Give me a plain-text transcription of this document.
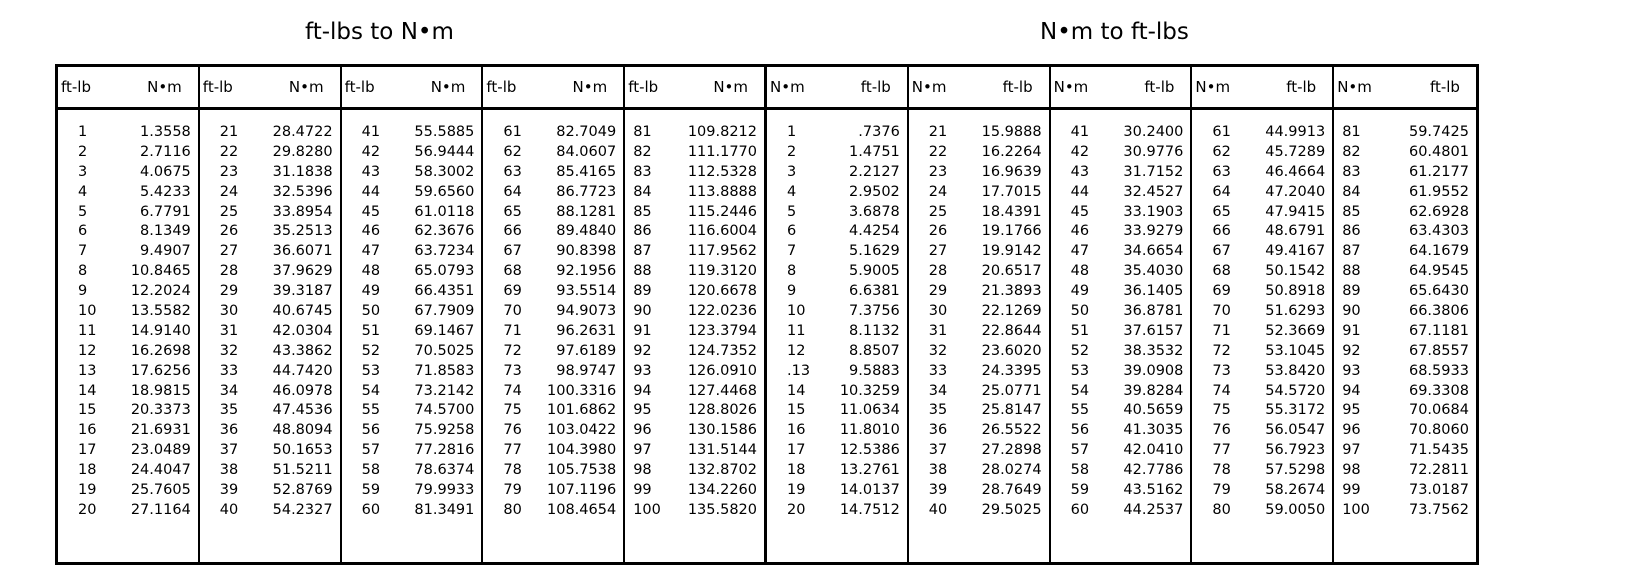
ft-lbs to N•m	N•m to ft-lbs
ft-lb	N•m
1	1.3558
2	2.7116
3	4.0675
4	5.4233
5	6.7791
6	8.1349
7	9.4907
8	10.8465
9	12.2024
10	13.5582
11	14.9140
12	16.2698
13	17.6256
14	18.9815
15	20.3373
16	21.6931
17	23.0489
18	24.4047
19	25.7605
20	27.1164
ft-lb	N•m
21	28.4722
22	29.8280
23	31.1838
24	32.5396
25	33.8954
26	35.2513
27	36.6071
28	37.9629
29	39.3187
30	40.6745
31	42.0304
32	43.3862
33	44.7420
34	46.0978
35	47.4536
36	48.8094
37	50.1653
38	51.5211
39	52.8769
40	54.2327
ft-lb	N•m
41	55.5885
42	56.9444
43	58.3002
44	59.6560
45	61.0118
46	62.3676
47	63.7234
48	65.0793
49	66.4351
50	67.7909
51	69.1467
52	70.5025
53	71.8583
54	73.2142
55	74.5700
56	75.9258
57	77.2816
58	78.6374
59	79.9933
60	81.3491
ft-lb	N•m
61	82.7049
62	84.0607
63	85.4165
64	86.7723
65	88.1281
66	89.4840
67	90.8398
68	92.1956
69	93.5514
70	94.9073
71	96.2631
72	97.6189
73	98.9747
74	100.3316
75	101.6862
76	103.0422
77	104.3980
78	105.7538
79	107.1196
80	108.4654
ft-lb	N•m
81	109.8212
82	111.1770
83	112.5328
84	113.8888
85	115.2446
86	116.6004
87	117.9562
88	119.3120
89	120.6678
90	122.0236
91	123.3794
92	124.7352
93	126.0910
94	127.4468
95	128.8026
96	130.1586
97	131.5144
98	132.8702
99	134.2260
100	135.5820
N•m	ft-lb
1	.7376
2	1.4751
3	2.2127
4	2.9502
5	3.6878
6	4.4254
7	5.1629
8	5.9005
9	6.6381
10	7.3756
11	8.1132
12	8.8507
.13	9.5883
14	10.3259
15	11.0634
16	11.8010
17	12.5386
18	13.2761
19	14.0137
20	14.7512
N•m	ft-lb
21	15.9888
22	16.2264
23	16.9639
24	17.7015
25	18.4391
26	19.1766
27	19.9142
28	20.6517
29	21.3893
30	22.1269
31	22.8644
32	23.6020
33	24.3395
34	25.0771
35	25.8147
36	26.5522
37	27.2898
38	28.0274
39	28.7649
40	29.5025
N•m	ft-lb
41	30.2400
42	30.9776
43	31.7152
44	32.4527
45	33.1903
46	33.9279
47	34.6654
48	35.4030
49	36.1405
50	36.8781
51	37.6157
52	38.3532
53	39.0908
54	39.8284
55	40.5659
56	41.3035
57	42.0410
58	42.7786
59	43.5162
60	44.2537
N•m	ft-lb
61	44.9913
62	45.7289
63	46.4664
64	47.2040
65	47.9415
66	48.6791
67	49.4167
68	50.1542
69	50.8918
70	51.6293
71	52.3669
72	53.1045
73	53.8420
74	54.5720
75	55.3172
76	56.0547
77	56.7923
78	57.5298
79	58.2674
80	59.0050
N•m	ft-lb
81	59.7425
82	60.4801
83	61.2177
84	61.9552
85	62.6928
86	63.4303
87	64.1679
88	64.9545
89	65.6430
90	66.3806
91	67.1181
92	67.8557
93	68.5933
94	69.3308
95	70.0684
96	70.8060
97	71.5435
98	72.2811
99	73.0187
100	73.7562
